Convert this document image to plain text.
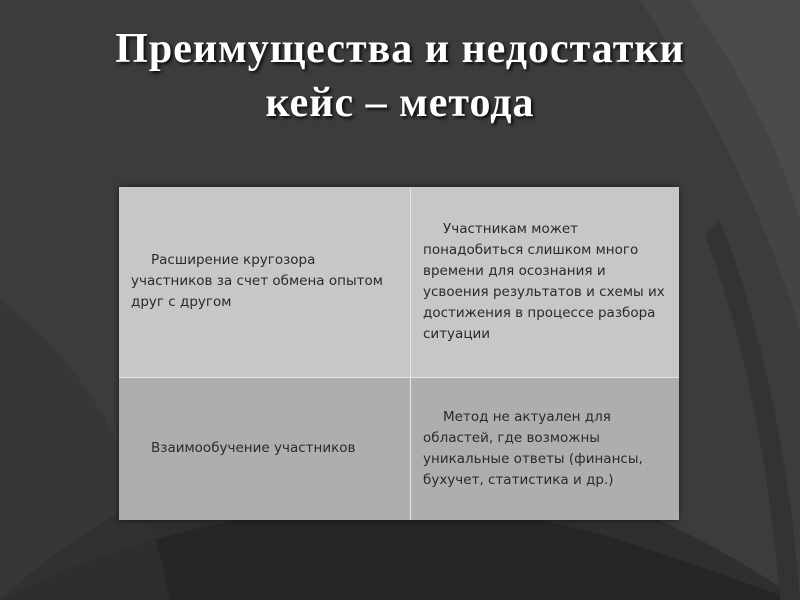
Преимущества и недостатки
кейс – метода
Расширение кругозора участников за счет обмена опытом друг с другом	Участникам может понадобиться слишком много времени для осознания и усвоения результатов и схемы их достижения в процессе разбора ситуации

Взаимообучение участников	Метод не актуален для областей, где возможны уникальные ответы (финансы, бухучет, статистика и др.)
